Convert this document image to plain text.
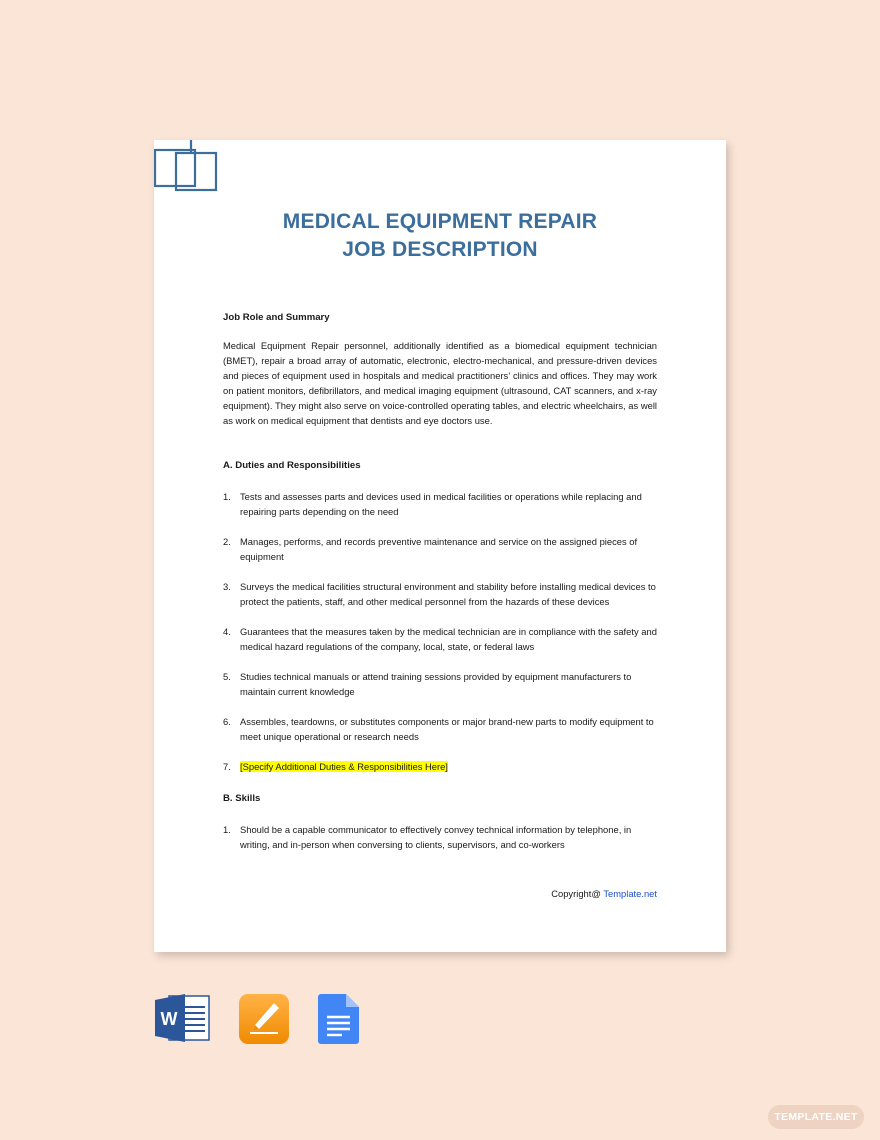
MEDICAL EQUIPMENT REPAIR
JOB DESCRIPTION
Job Role and Summary

Medical Equipment Repair personnel, additionally identified as a biomedical equipment technician (BMET), repair a broad array of automatic, electronic, electro-mechanical, and pressure-driven devices and pieces of equipment used in hospitals and medical practitioners’ clinics and offices. They may work on patient monitors, defibrillators, and medical imaging equipment (ultrasound, CAT scanners, and x-ray equipment). They might also serve on voice-controlled operating tables, and electric wheelchairs, as well as work on medical equipment that dentists and eye doctors use.

A. Duties and Responsibilities
1. Tests and assesses parts and devices used in medical facilities or operations while replacing and repairing parts depending on the need
2. Manages, performs, and records preventive maintenance and service on the assigned pieces of equipment
3. Surveys the medical facilities structural environment and stability before installing medical devices to protect the patients, staff, and other medical personnel from the hazards of these devices
4. Guarantees that the measures taken by the medical technician are in compliance with the safety and medical hazard regulations of the company, local, state, or federal laws
5. Studies technical manuals or attend training sessions provided by equipment manufacturers to maintain current knowledge
6. Assembles, teardowns, or substitutes components or major brand-new parts to modify equipment to meet unique operational or research needs
7. [Specify Additional Duties & Responsibilities Here]
B. Skills
1. Should be a capable communicator to effectively convey technical information by telephone, in writing, and in-person when conversing to clients, supervisors, and co-workers
Copyright@ Template.net
W
TEMPLATE.NET
